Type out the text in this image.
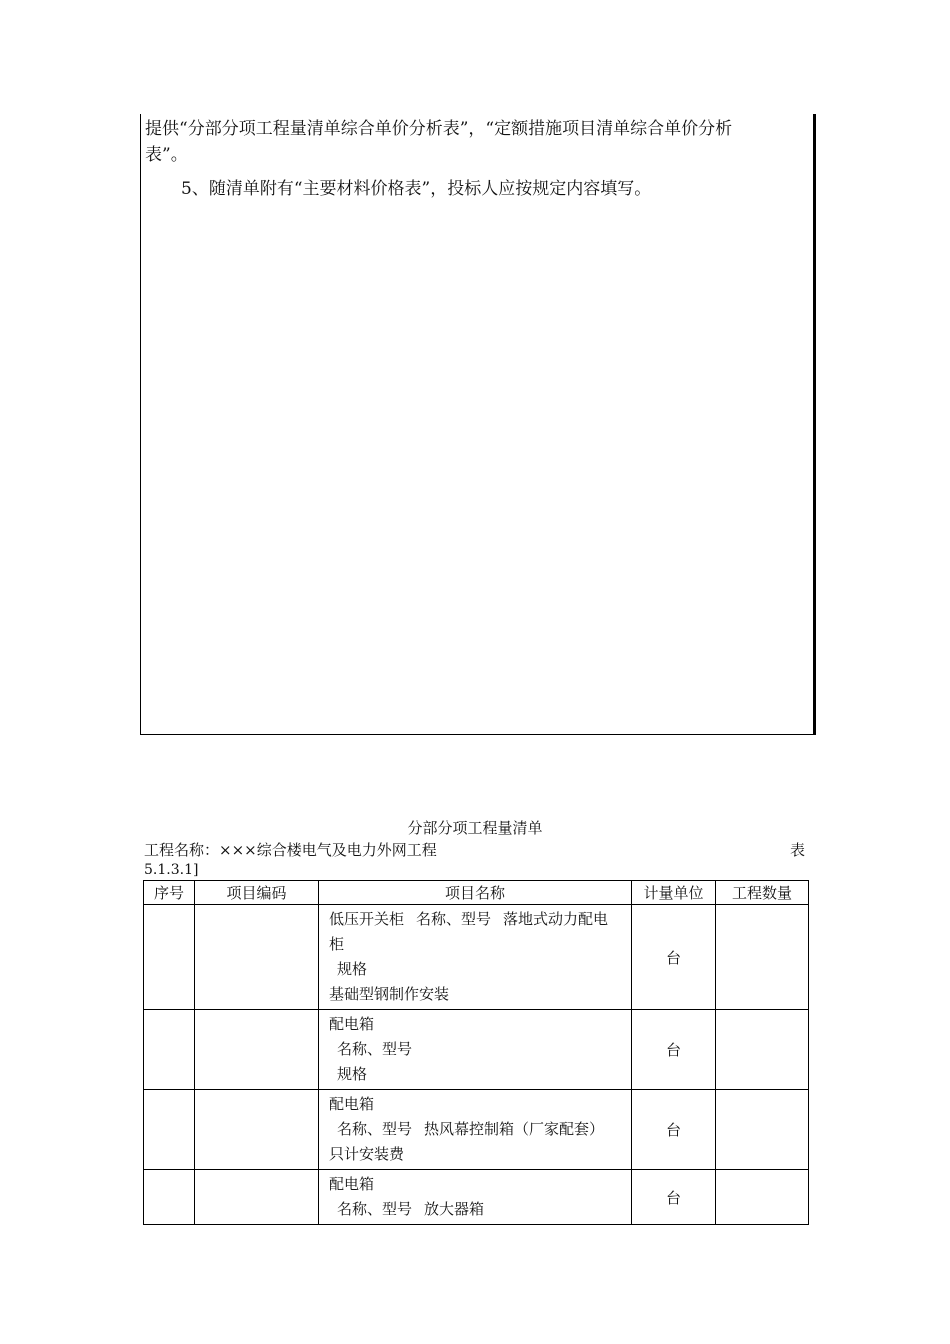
提供“分部分项工程量清单综合单价分析表”，“定额措施项目清单综合单价分析
表”。
5、随清单附有“主要材料价格表”，投标人应按规定内容填写。
分部分项工程量清单
工程名称：×××综合楼电气及电力外网工程	表
5.1.3.1]
序号	项目编码	项目名称	计量单位	工程数量

		低压开关柜 名称、型号 落地式动力配电
柜
规格
基础型钢制作安装	台	

		配电箱
名称、型号
规格	台	

		配电箱
名称、型号 热风幕控制箱（厂家配套）
只计安装费	台	

		配电箱
名称、型号 放大器箱	台	
